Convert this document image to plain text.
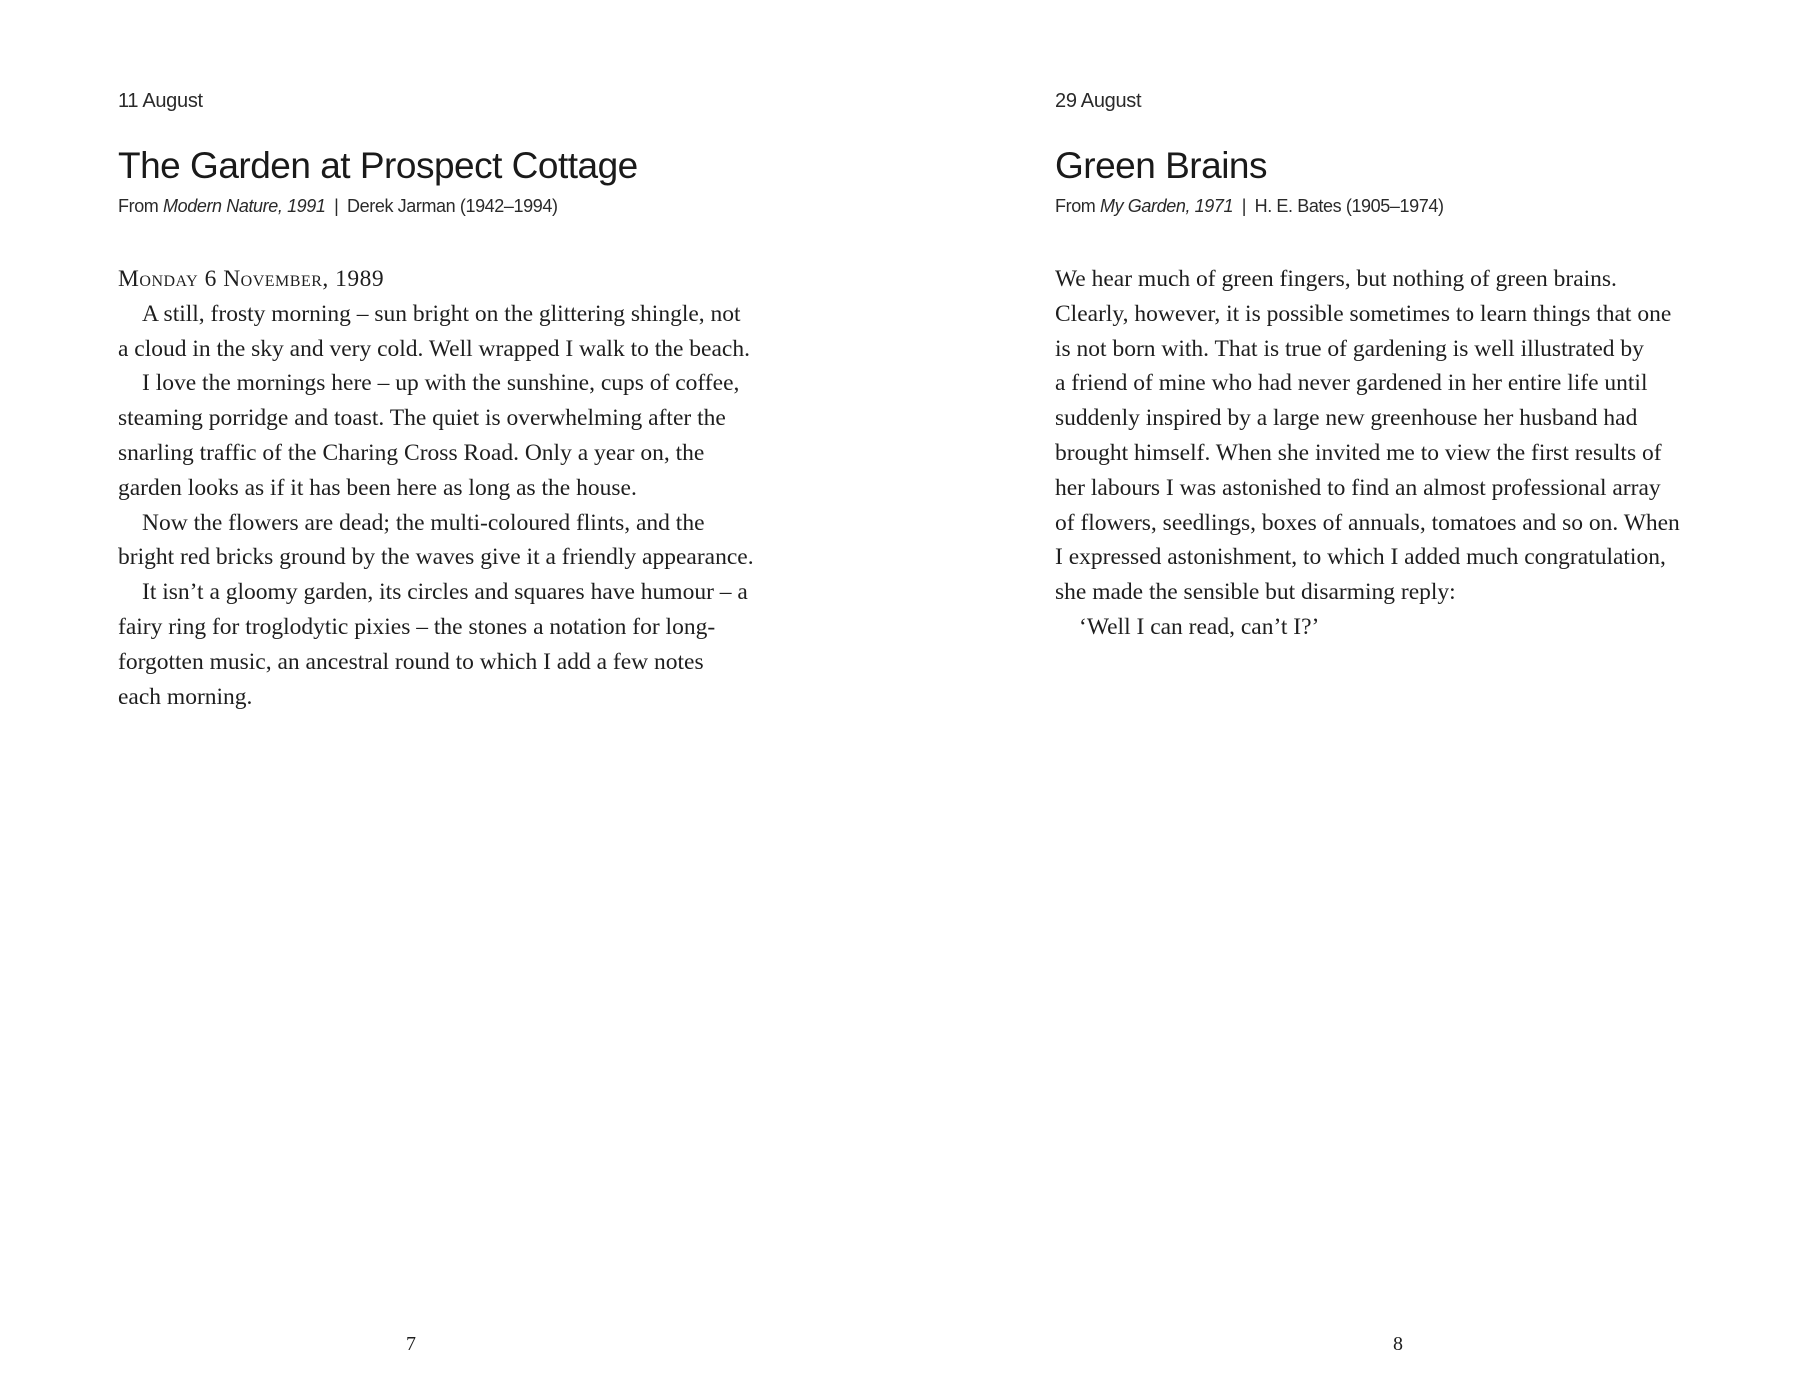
11 August
The Garden at Prospect Cottage
From Modern Nature, 1991 | Derek Jarman (1942–1994)
Monday 6 November, 1989

A still, frosty morning – sun bright on the glittering shingle, not
a cloud in the sky and very cold. Well wrapped I walk to the beach.

I love the mornings here – up with the sunshine, cups of coffee,
steaming porridge and toast. The quiet is overwhelming after the
snarling traffic of the Charing Cross Road. Only a year on, the
garden looks as if it has been here as long as the house.

Now the flowers are dead; the multi-coloured flints, and the
bright red bricks ground by the waves give it a friendly appearance.

It isn’t a gloomy garden, its circles and squares have humour – a
fairy ring for troglodytic pixies – the stones a notation for long-
forgotten music, an ancestral round to which I add a few notes
each morning.

7
29 August
Green Brains
From My Garden, 1971 | H. E. Bates (1905–1974)

We hear much of green fingers, but nothing of green brains.
Clearly, however, it is possible sometimes to learn things that one
is not born with. That is true of gardening is well illustrated by
a friend of mine who had never gardened in her entire life until
suddenly inspired by a large new greenhouse her husband had
brought himself. When she invited me to view the first results of
her labours I was astonished to find an almost professional array
of flowers, seedlings, boxes of annuals, tomatoes and so on. When
I expressed astonishment, to which I added much congratulation,
she made the sensible but disarming reply:

‘Well I can read, can’t I?’

8
